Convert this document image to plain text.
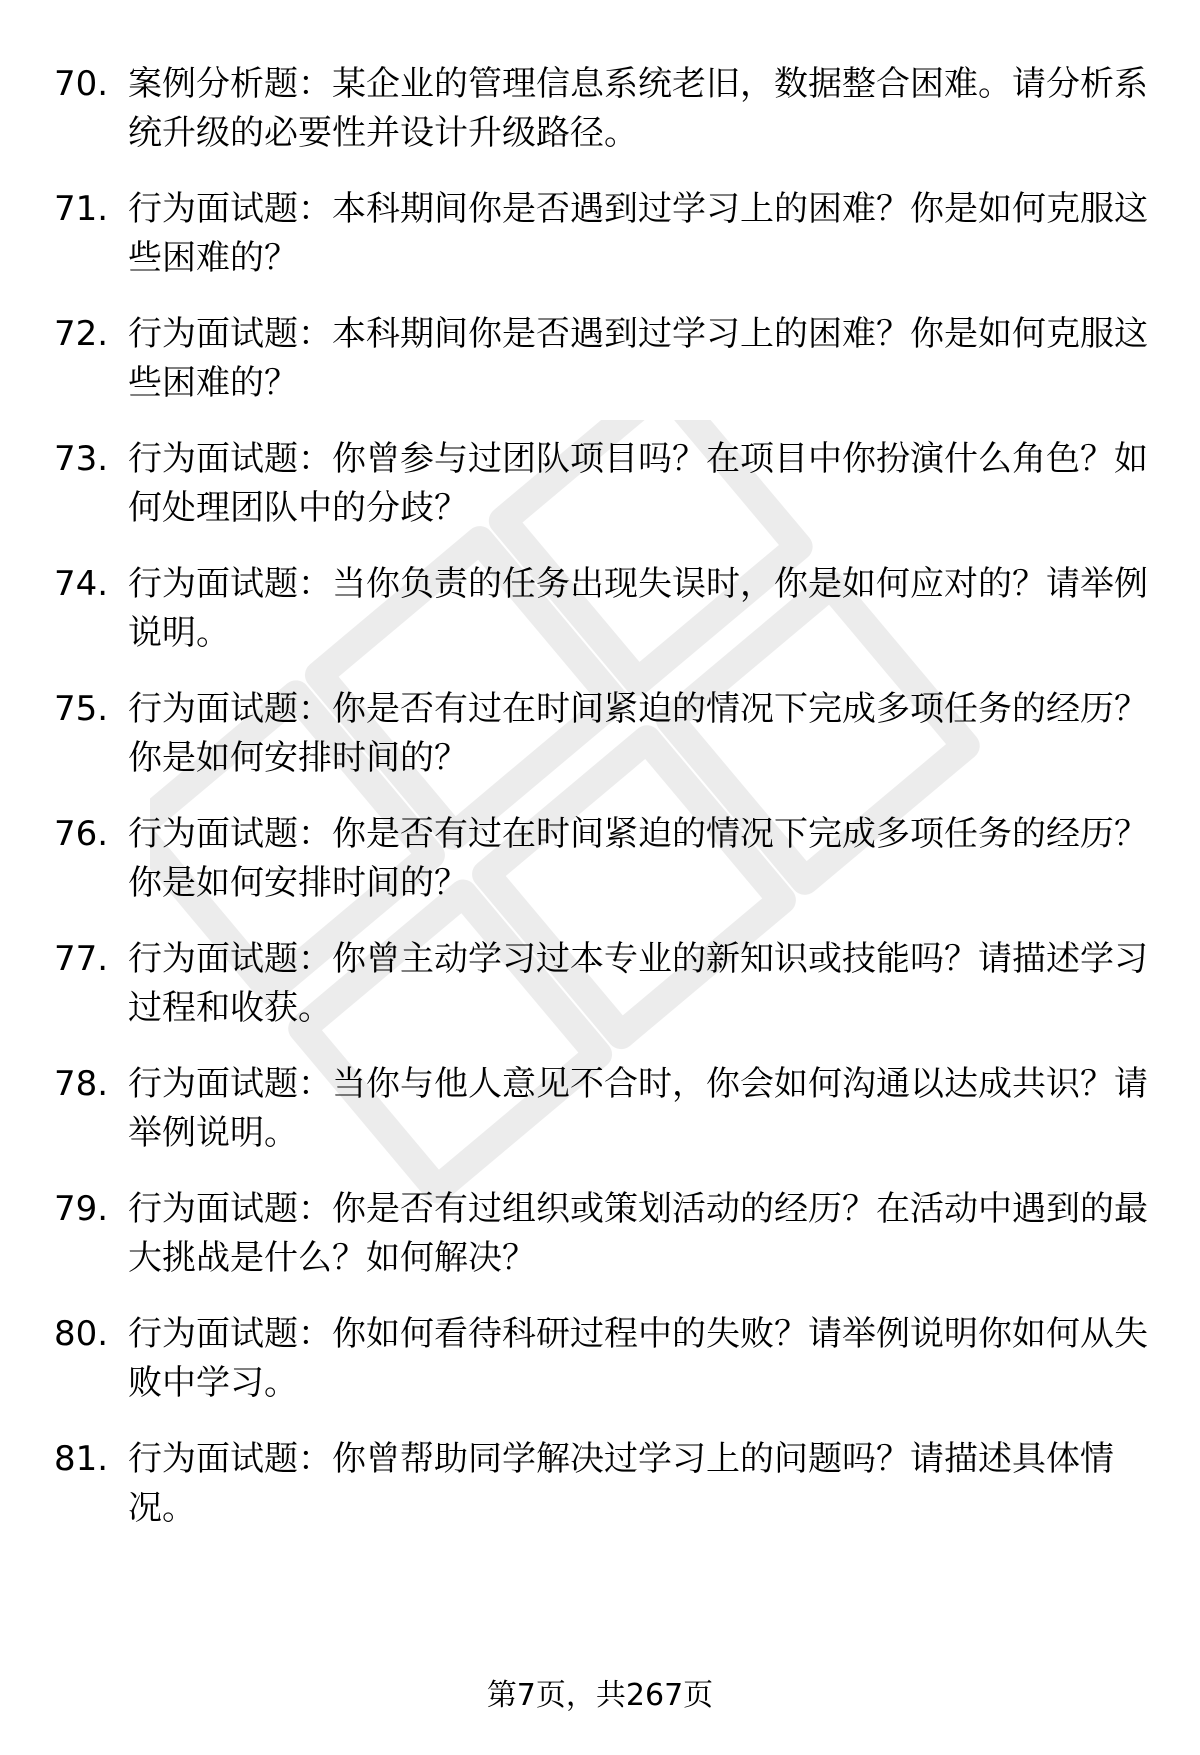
70. 案例分析题：某企业的管理信息系统老旧，数据整合困难。请分析系统升级的必要性并设计升级路径。
71. 行为面试题：本科期间你是否遇到过学习上的困难？你是如何克服这些困难的？
72. 行为面试题：本科期间你是否遇到过学习上的困难？你是如何克服这些困难的？
73. 行为面试题：你曾参与过团队项目吗？在项目中你扮演什么角色？如何处理团队中的分歧？
74. 行为面试题：当你负责的任务出现失误时，你是如何应对的？请举例说明。
75. 行为面试题：你是否有过在时间紧迫的情况下完成多项任务的经历？你是如何安排时间的？
76. 行为面试题：你是否有过在时间紧迫的情况下完成多项任务的经历？你是如何安排时间的？
77. 行为面试题：你曾主动学习过本专业的新知识或技能吗？请描述学习过程和收获。
78. 行为面试题：当你与他人意见不合时，你会如何沟通以达成共识？请举例说明。
79. 行为面试题：你是否有过组织或策划活动的经历？在活动中遇到的最大挑战是什么？如何解决？
80. 行为面试题：你如何看待科研过程中的失败？请举例说明你如何从失败中学习。
81. 行为面试题：你曾帮助同学解决过学习上的问题吗？请描述具体情况。
第7页，共267页
